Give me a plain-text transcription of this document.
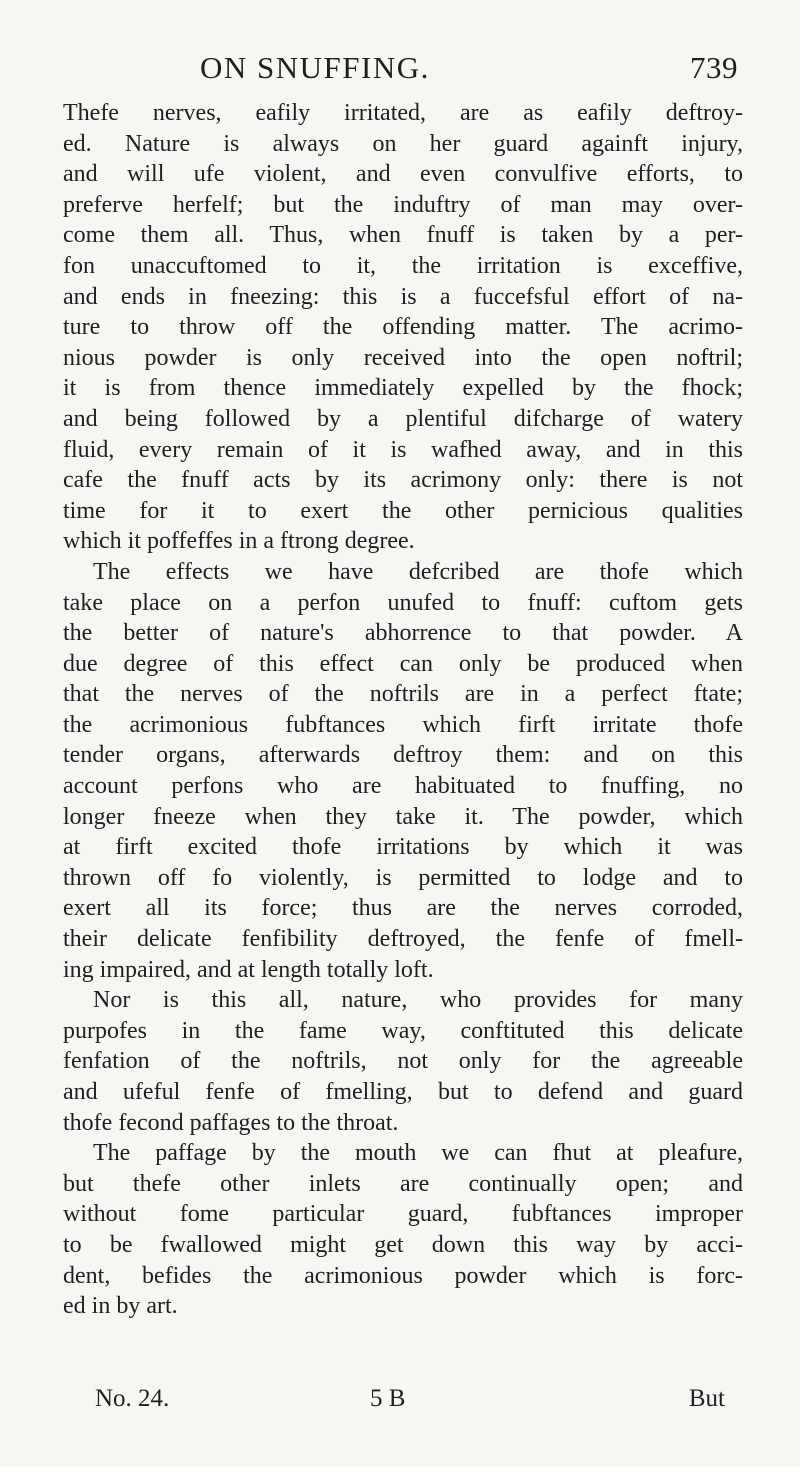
ON SNUFFING.	739
Thefe nerves, eafily irritated, are as eafily deftroy-
ed. Nature is always on her guard againft injury,
and will ufe violent, and even convulfive efforts, to
preferve herfelf; but the induftry of man may over-
come them all. Thus, when fnuff is taken by a per-
fon unaccuftomed to it, the irritation is exceffive,
and ends in fneezing: this is a fuccefsful effort of na-
ture to throw off the offending matter. The acrimo-
nious powder is only received into the open noftril;
it is from thence immediately expelled by the fhock;
and being followed by a plentiful difcharge of watery
fluid, every remain of it is wafhed away, and in this
cafe the fnuff acts by its acrimony only: there is not
time for it to exert the other pernicious qualities
which it poffeffes in a ftrong degree.
The effects we have defcribed are thofe which
take place on a perfon unufed to fnuff: cuftom gets
the better of nature's abhorrence to that powder. A
due degree of this effect can only be produced when
that the nerves of the noftrils are in a perfect ftate;
the acrimonious fubftances which firft irritate thofe
tender organs, afterwards deftroy them: and on this
account perfons who are habituated to fnuffing, no
longer fneeze when they take it. The powder, which
at firft excited thofe irritations by which it was
thrown off fo violently, is permitted to lodge and to
exert all its force; thus are the nerves corroded,
their delicate fenfibility deftroyed, the fenfe of fmell-
ing impaired, and at length totally loft.
Nor is this all, nature, who provides for many
purpofes in the fame way, conftituted this delicate
fenfation of the noftrils, not only for the agreeable
and ufeful fenfe of fmelling, but to defend and guard
thofe fecond paffages to the throat.
The paffage by the mouth we can fhut at pleafure,
but thefe other inlets are continually open; and
without fome particular guard, fubftances improper
to be fwallowed might get down this way by acci-
dent, befides the acrimonious powder which is forc-
ed in by art.
No. 24.	5 B	But
